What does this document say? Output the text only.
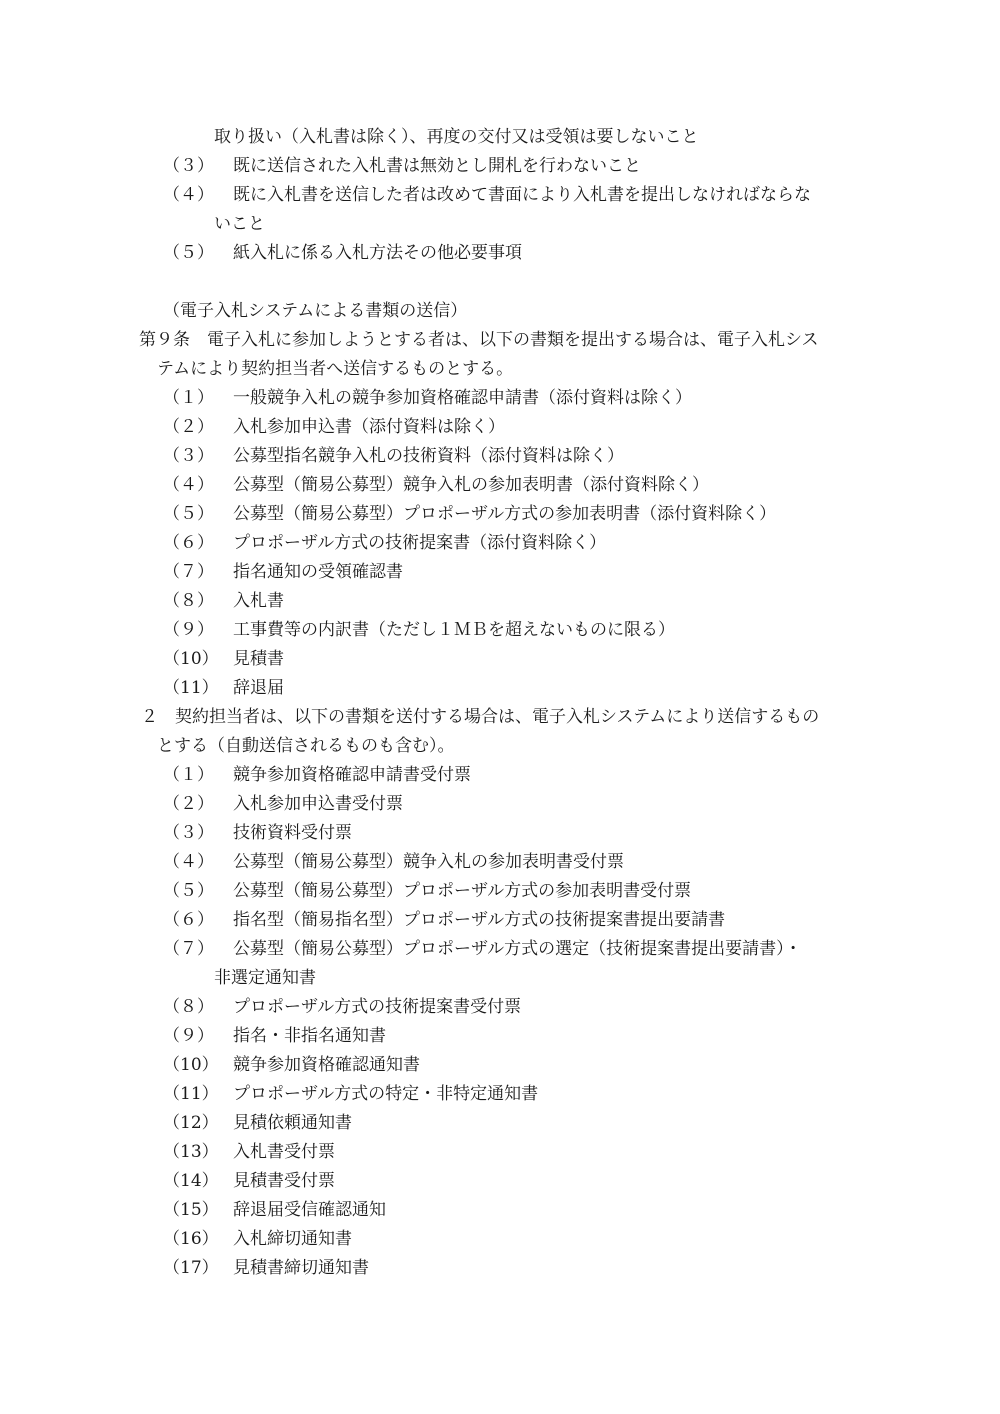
取り扱い（入札書は除く）、再度の交付又は受領は要しないこと
（３） 既に送信された入札書は無効とし開札を行わないこと
（４） 既に入札書を送信した者は改めて書面により入札書を提出しなければならな
いこと
（５） 紙入札に係る入札方法その他必要事項
（電子入札システムによる書類の送信）
第９条　電子入札に参加しようとする者は、以下の書類を提出する場合は、電子入札シス
テムにより契約担当者へ送信するものとする。
（１） 一般競争入札の競争参加資格確認申請書（添付資料は除く）
（２） 入札参加申込書（添付資料は除く）
（３） 公募型指名競争入札の技術資料（添付資料は除く）
（４） 公募型（簡易公募型）競争入札の参加表明書（添付資料除く）
（５） 公募型（簡易公募型）プロポーザル方式の参加表明書（添付資料除く）
（６） プロポーザル方式の技術提案書（添付資料除く）
（７） 指名通知の受領確認書
（８） 入札書
（９） 工事費等の内訳書（ただし１ＭＢを超えないものに限る）
（10） 見積書
（11） 辞退届
２　契約担当者は、以下の書類を送付する場合は、電子入札システムにより送信するもの
とする（自動送信されるものも含む）。
（１） 競争参加資格確認申請書受付票
（２） 入札参加申込書受付票
（３） 技術資料受付票
（４） 公募型（簡易公募型）競争入札の参加表明書受付票
（５） 公募型（簡易公募型）プロポーザル方式の参加表明書受付票
（６） 指名型（簡易指名型）プロポーザル方式の技術提案書提出要請書
（７） 公募型（簡易公募型）プロポーザル方式の選定（技術提案書提出要請書）・
非選定通知書
（８） プロポーザル方式の技術提案書受付票
（９） 指名・非指名通知書
（10） 競争参加資格確認通知書
（11） プロポーザル方式の特定・非特定通知書
（12） 見積依頼通知書
（13） 入札書受付票
（14） 見積書受付票
（15） 辞退届受信確認通知
（16） 入札締切通知書
（17） 見積書締切通知書
